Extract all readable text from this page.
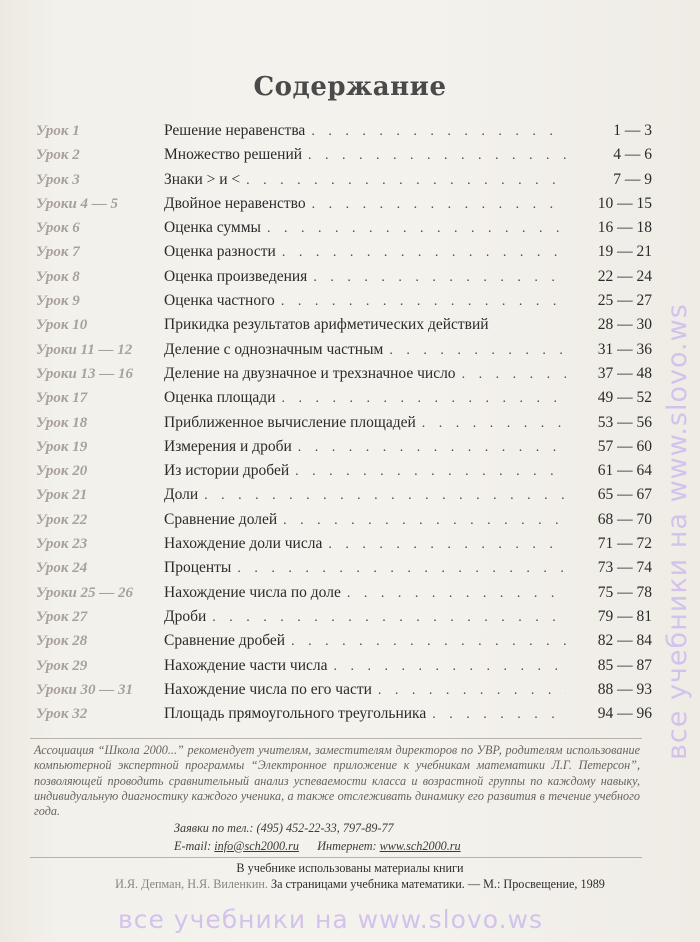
Содержание
Урок 1	Решение неравенства . . .	1 — 3
Урок 2	Множество решений . . .	4 — 6
Урок 3	Знаки > и < . . .	7 — 9
Уроки 4 — 5	Двойное неравенство . . .	10 — 15
Урок 6	Оценка суммы . . .	16 — 18
Урок 7	Оценка разности . . .	19 — 21
Урок 8	Оценка произведения . . .	22 — 24
Урок 9	Оценка частного . . .	25 — 27
Урок 10	Прикидка результатов арифметических действий	28 — 30
Уроки 11 — 12	Деление с однозначным частным . . .	31 — 36
Уроки 13 — 16	Деление на двузначное и трехзначное число . . .	37 — 48
Урок 17	Оценка площади . . .	49 — 52
Урок 18	Приближенное вычисление площадей . . .	53 — 56
Урок 19	Измерения и дроби . . .	57 — 60
Урок 20	Из истории дробей . . .	61 — 64
Урок 21	Доли . . .	65 — 67
Урок 22	Сравнение долей . . .	68 — 70
Урок 23	Нахождение доли числа . . .	71 — 72
Урок 24	Проценты . . .	73 — 74
Уроки 25 — 26	Нахождение числа по доле . . .	75 — 78
Урок 27	Дроби . . .	79 — 81
Урок 28	Сравнение дробей . . .	82 — 84
Урок 29	Нахождение части числа . . .	85 — 87
Уроки 30 — 31	Нахождение числа по его части . . .	88 — 93
Урок 32	Площадь прямоугольного треугольника . . .	94 — 96

Ассоциация “Школа 2000...” рекомендует учителям, заместителям директоров по УВР, родителям использование компьютерной экспертной программы “Электронное приложение к учебникам математики Л.Г. Петерсон”, позволяющей проводить сравнительный анализ успеваемости класса и возрастной группы по каждому навыку, индивидуальную диагностику каждого ученика, а также отслеживать динамику его развития в течение учебного года.

Заявки по тел.: (495) 452-22-33, 797-89-77
E-mail: info@sch2000.ru Интернет: www.sch2000.ru
В учебнике использованы материалы книги
И.Я. Депман, Н.Я. Виленкин. За страницами учебника математики. — М.: Просвещение, 1989
все учебники на www.slovo.ws
все учебники на www.slovo.ws
